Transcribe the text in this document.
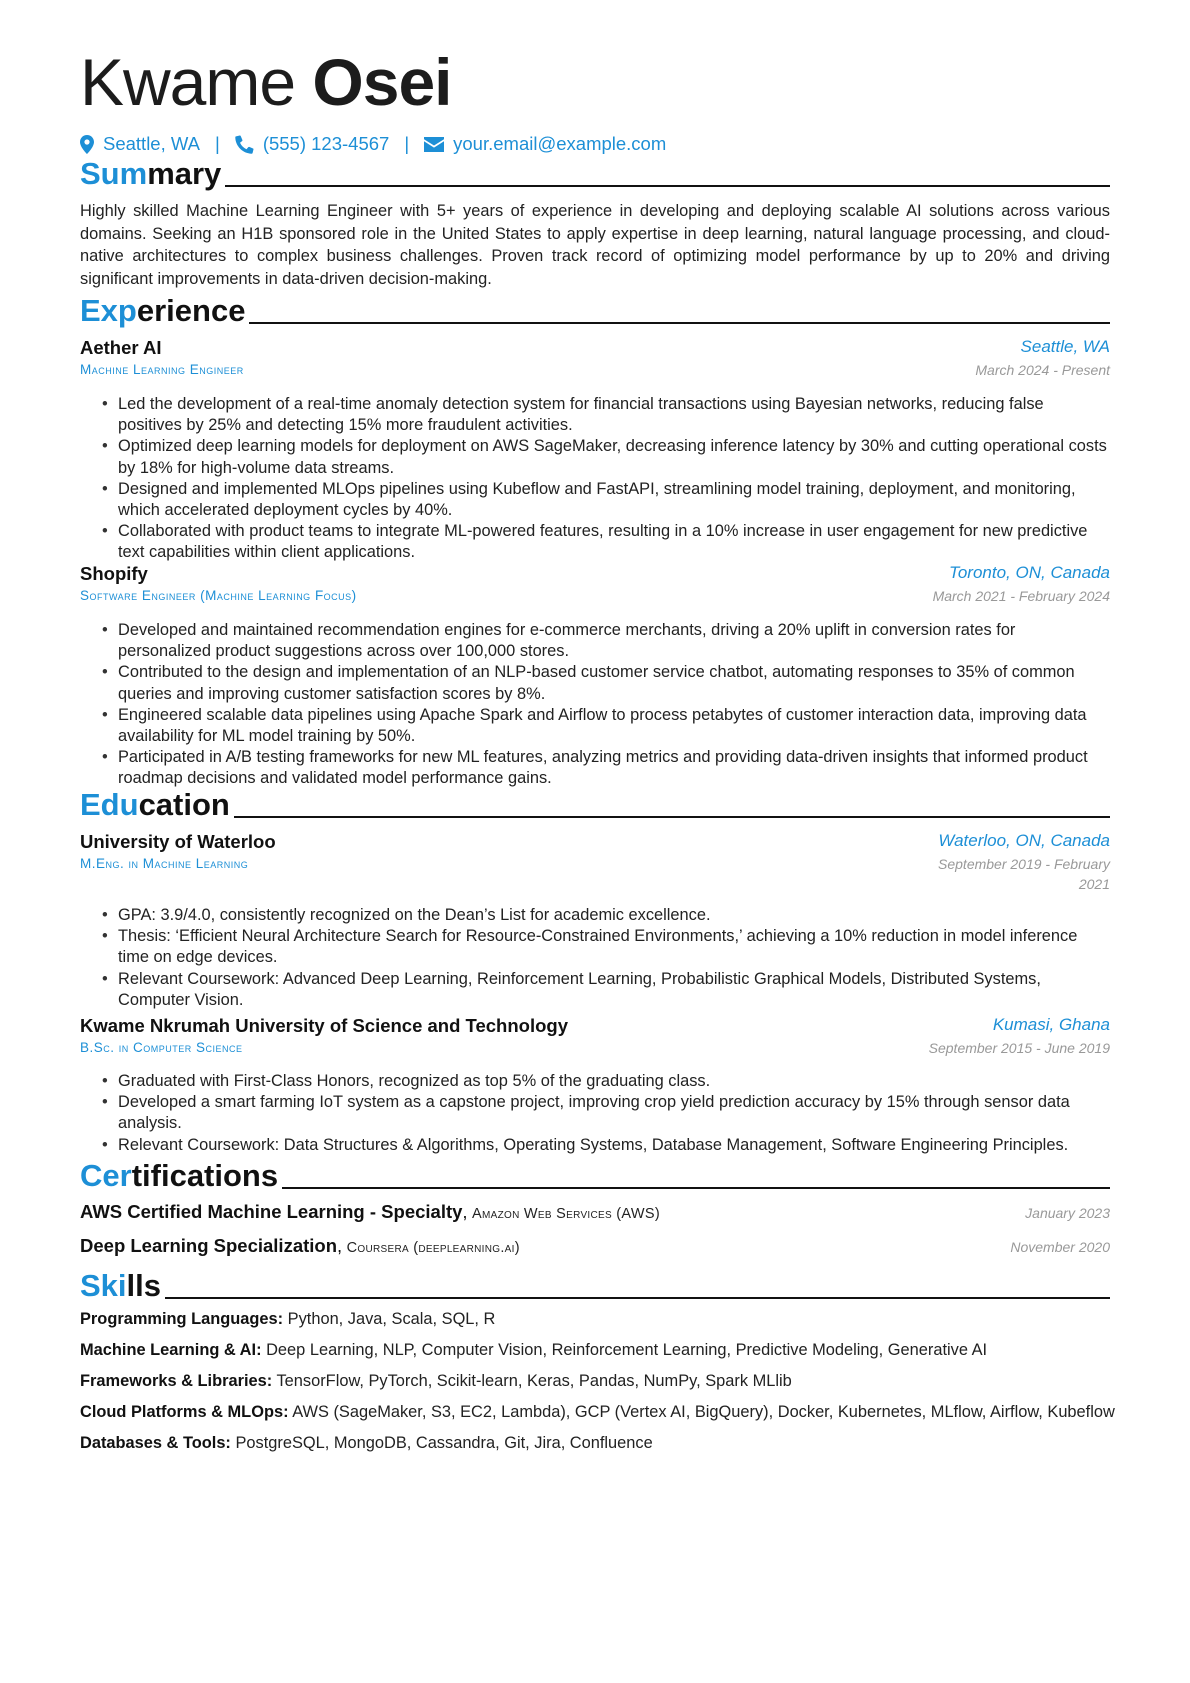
Kwame Osei
Seattle, WA | (555) 123-4567 | your.email@example.com
Summary
Highly skilled Machine Learning Engineer with 5+ years of experience in developing and deploying scalable AI solutions across various domains. Seeking an H1B sponsored role in the United States to apply expertise in deep learning, natural language processing, and cloud-native architectures to complex business challenges. Proven track record of optimizing model performance by up to 20% and driving significant improvements in data-driven decision-making.
Experience
Aether AI	Seattle, WA
Machine Learning Engineer	March 2024 - Present
• Led the development of a real-time anomaly detection system for financial transactions using Bayesian networks, reducing false positives by 25% and detecting 15% more fraudulent activities.
• Optimized deep learning models for deployment on AWS SageMaker, decreasing inference latency by 30% and cutting operational costs by 18% for high-volume data streams.
• Designed and implemented MLOps pipelines using Kubeflow and FastAPI, streamlining model training, deployment, and monitoring, which accelerated deployment cycles by 40%.
• Collaborated with product teams to integrate ML-powered features, resulting in a 10% increase in user engagement for new predictive text capabilities within client applications.
Shopify	Toronto, ON, Canada
Software Engineer (Machine Learning Focus)	March 2021 - February 2024
• Developed and maintained recommendation engines for e-commerce merchants, driving a 20% uplift in conversion rates for personalized product suggestions across over 100,000 stores.
• Contributed to the design and implementation of an NLP-based customer service chatbot, automating responses to 35% of common queries and improving customer satisfaction scores by 8%.
• Engineered scalable data pipelines using Apache Spark and Airflow to process petabytes of customer interaction data, improving data availability for ML model training by 50%.
• Participated in A/B testing frameworks for new ML features, analyzing metrics and providing data-driven insights that informed product roadmap decisions and validated model performance gains.
Education
University of Waterloo	Waterloo, ON, Canada
M.Eng. in Machine Learning	September 2019 - February
2021
• GPA: 3.9/4.0, consistently recognized on the Dean’s List for academic excellence.
• Thesis: ‘Efficient Neural Architecture Search for Resource-Constrained Environments,’ achieving a 10% reduction in model inference time on edge devices.
• Relevant Coursework: Advanced Deep Learning, Reinforcement Learning, Probabilistic Graphical Models, Distributed Systems, Computer Vision.
Kwame Nkrumah University of Science and Technology	Kumasi, Ghana
B.Sc. in Computer Science	September 2015 - June 2019
• Graduated with First-Class Honors, recognized as top 5% of the graduating class.
• Developed a smart farming IoT system as a capstone project, improving crop yield prediction accuracy by 15% through sensor data analysis.
• Relevant Coursework: Data Structures & Algorithms, Operating Systems, Database Management, Software Engineering Principles.
Certifications
AWS Certified Machine Learning - Specialty, Amazon Web Services (AWS)	January 2023
Deep Learning Specialization, Coursera (deeplearning.ai)	November 2020
Skills
Programming Languages: Python, Java, Scala, SQL, R
Machine Learning & AI: Deep Learning, NLP, Computer Vision, Reinforcement Learning, Predictive Modeling, Generative AI
Frameworks & Libraries: TensorFlow, PyTorch, Scikit-learn, Keras, Pandas, NumPy, Spark MLlib
Cloud Platforms & MLOps: AWS (SageMaker, S3, EC2, Lambda), GCP (Vertex AI, BigQuery), Docker, Kubernetes, MLflow, Airflow, Kubeflow
Databases & Tools: PostgreSQL, MongoDB, Cassandra, Git, Jira, Confluence
